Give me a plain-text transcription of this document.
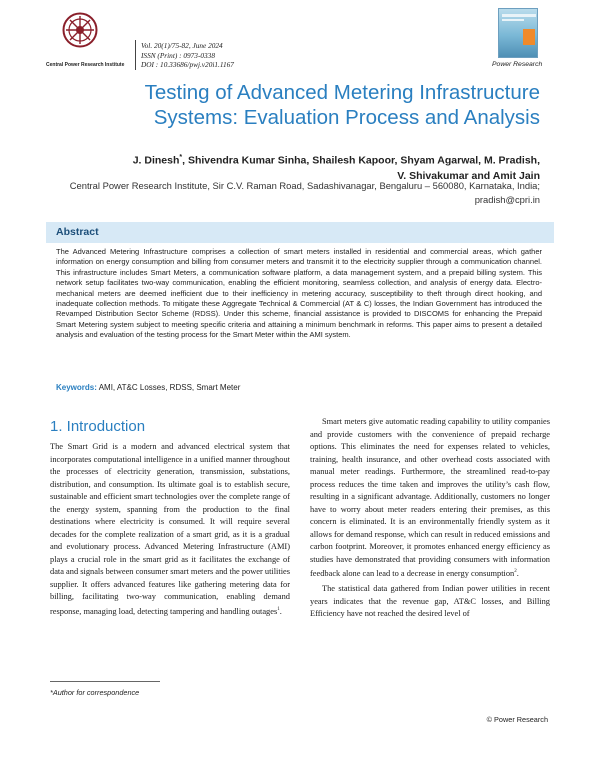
Central Power Research Institute
Vol. 20(1)/75-82, June 2024
ISSN (Print) : 0973-0338
DOI : 10.33686/pwj.v20i1.1167	Power Research
Testing of Advanced Metering Infrastructure Systems: Evaluation Process and Analysis
J. Dinesh*, Shivendra Kumar Sinha, Shailesh Kapoor, Shyam Agarwal, M. Pradish,
V. Shivakumar and Amit Jain
Central Power Research Institute, Sir C.V. Raman Road, Sadashivanagar, Bengaluru – 560080, Karnataka, India;
pradish@cpri.in
Abstract
The Advanced Metering Infrastructure comprises a collection of smart meters installed in residential and commercial areas, which gather information on energy consumption and billing from consumer meters and transmit it to the electricity supplier through a communication channel. This infrastructure includes Smart Meters, a communication software platform, a data management system, and a prepaid billing system. This network setup facilitates two-way communication, enabling the efficient monitoring, seamless collection, and analysis of energy data. Electro-mechanical meters are deemed inefficient due to their inefficiency in metering accuracy, susceptibility to theft through direct hooking, and inadequate collection methods. To mitigate these Aggregate Technical & Commercial (AT & C) losses, the Indian Government has introduced the Revamped Distribution Sector Scheme (RDSS). Under this scheme, financial assistance is provided to DISCOMS for enhancing the Prepaid Smart Metering system subject to meeting specific criteria and attaining a minimum benchmark in reforms. This paper aims to present a detailed analysis and evaluation of the testing process for the Smart Meter within the AMI system.
Keywords: AMI, AT&C Losses, RDSS, Smart Meter
1. Introduction

The Smart Grid is a modern and advanced electrical system that incorporates computational intelligence in a unified manner throughout the processes of electricity generation, transmission, substations, distribution, and consumption. Its ultimate goal is to establish secure, sustainable and efficient smart technologies over the complete range of the energy system, spanning from the production to the final destinations where electricity is consumed. It will require several decades for the complete realization of a smart grid, as it is a gradual and evolutionary process. Advanced Metering Infrastructure (AMI) plays a crucial role in the smart grid as it facilitates the exchange of data and signals between consumer smart meters and the power utilities supplier. It offers advanced features like gathering metering data for billing, facilitating two-way communication, enabling demand response, managing load, detecting tampering and handling outages$^1$.

Smart meters give automatic reading capability to utility companies and provide customers with the convenience of prepaid recharge options. This eliminates the need for expenses related to vehicles, training, health insurance, and other overhead costs associated with manual meter readings. Furthermore, the streamlined read-to-pay process reduces the time taken and improves the utility’s cash flow, resulting in a significant advantage. Additionally, customers no longer have to worry about meter readers entering their premises, as this concern is eliminated. It is an environmentally friendly system as it allows for demand response, which can result in reduced emissions and carbon footprint. Moreover, it promotes enhanced energy efficiency as studies have demonstrated that providing consumers with information feedback alone can lead to a decrease in energy consumption$^2$.

The statistical data gathered from Indian power utilities in recent years indicates that the revenue gap, AT&C losses, and Billing Efficiency have not reached the desired level of

*Author for correspondence
© Power Research
